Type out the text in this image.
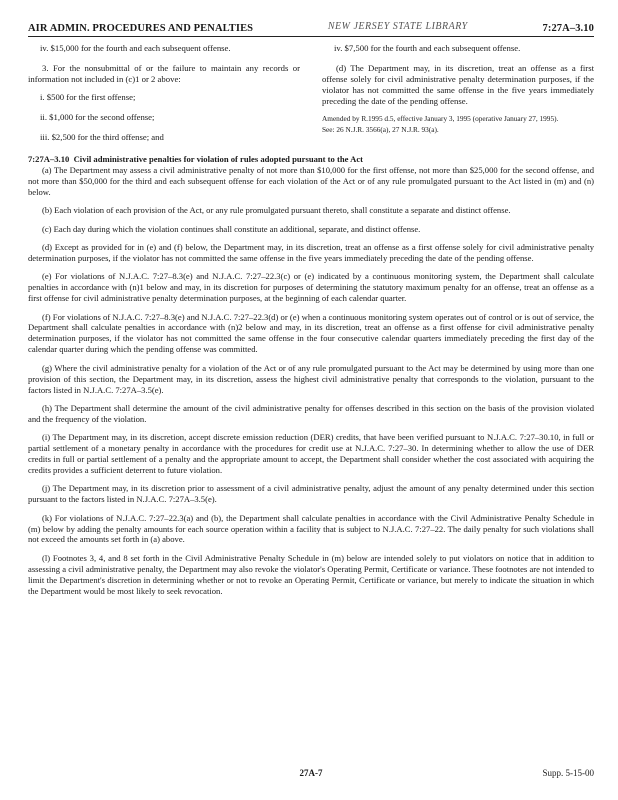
AIR ADMIN. PROCEDURES AND PENALTIES	NEW JERSEY STATE LIBRARY	7:27A–3.10

iv. $15,000 for the fourth and each subsequent offense.

3. For the nonsubmittal of or the failure to maintain any records or information not included in (c)1 or 2 above:

i. $500 for the first offense;

ii. $1,000 for the second offense;

iii. $2,500 for the third offense; and

iv. $7,500 for the fourth and each subsequent offense.

(d) The Department may, in its discretion, treat an offense as a first offense solely for civil administrative penalty determination purposes, if the violator has not committed the same offense in the five years immediately preceding the date of the pending offense.

Amended by R.1995 d.5, effective January 3, 1995 (operative January 27, 1995).

See: 26 N.J.R. 3566(a), 27 N.J.R. 93(a).

7:27A–3.10 Civil administrative penalties for violation of rules adopted pursuant to the Act

(a) The Department may assess a civil administrative penalty of not more than $10,000 for the first offense, not more than $25,000 for the second offense, and not more than $50,000 for the third and each subsequent offense for each violation of the Act or of any rule promulgated pursuant to the Act listed in (m) and (n) below.

(b) Each violation of each provision of the Act, or any rule promulgated pursuant thereto, shall constitute a separate and distinct offense.

(c) Each day during which the violation continues shall constitute an additional, separate, and distinct offense.

(d) Except as provided for in (e) and (f) below, the Department may, in its discretion, treat an offense as a first offense solely for civil administrative penalty determination purposes, if the violator has not committed the same offense in the five years immediately preceding the date of the pending offense.

(e) For violations of N.J.A.C. 7:27–8.3(e) and N.J.A.C. 7:27–22.3(c) or (e) indicated by a continuous monitoring system, the Department shall calculate penalties in accordance with (n)1 below and may, in its discretion for purposes of determining the statutory maximum penalty for an offense, treat an offense as a first offense for civil administrative penalty determination purposes, at the beginning of each calendar quarter.

(f) For violations of N.J.A.C. 7:27–8.3(e) and N.J.A.C. 7:27–22.3(d) or (e) when a continuous monitoring system operates out of control or is out of service, the Department shall calculate penalties in accordance with (n)2 below and may, in its discretion, treat an offense as a first offense for civil administrative penalty determination purposes, if the violator has not committed the same offense in the four consecutive calendar quarters immediately preceding the first day of the calendar quarter during which the pending offense was committed.

(g) Where the civil administrative penalty for a violation of the Act or of any rule promulgated pursuant to the Act may be determined by using more than one provision of this section, the Department may, in its discretion, assess the highest civil administrative penalty that corresponds to the violation, pursuant to the factors listed in N.J.A.C. 7:27A–3.5(e).

(h) The Department shall determine the amount of the civil administrative penalty for offenses described in this section on the basis of the provision violated and the frequency of the violation.

(i) The Department may, in its discretion, accept discrete emission reduction (DER) credits, that have been verified pursuant to N.J.A.C. 7:27–30.10, in full or partial settlement of a monetary penalty in accordance with the procedures for credit use at N.J.A.C. 7:27–30. In determining whether to allow the use of DER credits in full or partial settlement of a penalty and the appropriate amount to accept, the Department shall consider whether the cost associated with acquiring the credits provides a sufficient deterrent to future violation.

(j) The Department may, in its discretion prior to assessment of a civil administrative penalty, adjust the amount of any penalty determined under this section pursuant to the factors listed in N.J.A.C. 7:27A–3.5(e).

(k) For violations of N.J.A.C. 7:27–22.3(a) and (b), the Department shall calculate penalties in accordance with the Civil Administrative Penalty Schedule in (m) below by adding the penalty amounts for each source operation within a facility that is subject to N.J.A.C. 7:27–22. The daily penalty for such violations shall not exceed the amounts set forth in (a) above.

(l) Footnotes 3, 4, and 8 set forth in the Civil Administrative Penalty Schedule in (m) below are intended solely to put violators on notice that in addition to assessing a civil administrative penalty, the Department may also revoke the violator's Operating Permit, Certificate or variance. These footnotes are not intended to limit the Department's discretion in determining whether or not to revoke an Operating Permit, Certificate or variance, but merely to indicate the situation in which the Department would be most likely to seek revocation.

27A-7	Supp. 5-15-00
